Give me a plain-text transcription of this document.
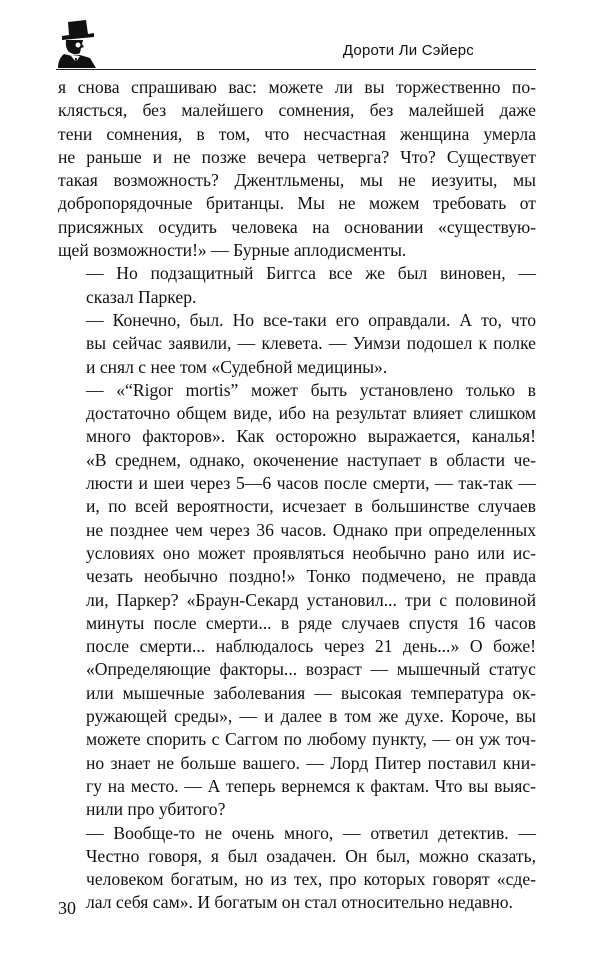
Дороти Ли Сэйерс

я снова спрашиваю вас: можете ли вы торжественно по-
клясться, без малейшего сомнения, без малейшей даже
тени сомнения, в том, что несчастная женщина умерла
не раньше и не позже вечера четверга? Что? Существует
такая возможность? Джентльмены, мы не иезуиты, мы
добропорядочные британцы. Мы не можем требовать от
присяжных осудить человека на основании «существую-
щей возможности!» — Бурные аплодисменты.

— Но подзащитный Биггса все же был виновен, —
сказал Паркер.

— Конечно, был. Но все-таки его оправдали. А то, что
вы сейчас заявили, — клевета. — Уимзи подошел к полке
и снял с нее том «Судебной медицины».

— «“Rigor mortis” может быть установлено только в
достаточно общем виде, ибо на результат влияет слишком
много факторов». Как осторожно выражается, каналья!
«В среднем, однако, окоченение наступает в области че-
люсти и шеи через 5—6 часов после смерти, — так-так —
и, по всей вероятности, исчезает в большинстве случаев
не позднее чем через 36 часов. Однако при определенных
условиях оно может проявляться необычно рано или ис-
чезать необычно поздно!» Тонко подмечено, не правда
ли, Паркер? «Браун-Секард установил... три с половиной
минуты после смерти... в ряде случаев спустя 16 часов
после смерти... наблюдалось через 21 день...» О боже!
«Определяющие факторы... возраст — мышечный статус
или мышечные заболевания — высокая температура ок-
ружающей среды», — и далее в том же духе. Короче, вы
можете спорить с Саггом по любому пункту, — он уж точ-
но знает не больше вашего. — Лорд Питер поставил кни-
гу на место. — А теперь вернемся к фактам. Что вы выяс-
нили про убитого?

— Вообще-то не очень много, — ответил детектив. —
Честно говоря, я был озадачен. Он был, можно сказать,
человеком богатым, но из тех, про которых говорят «сде-
лал себя сам». И богатым он стал относительно недавно.

30
